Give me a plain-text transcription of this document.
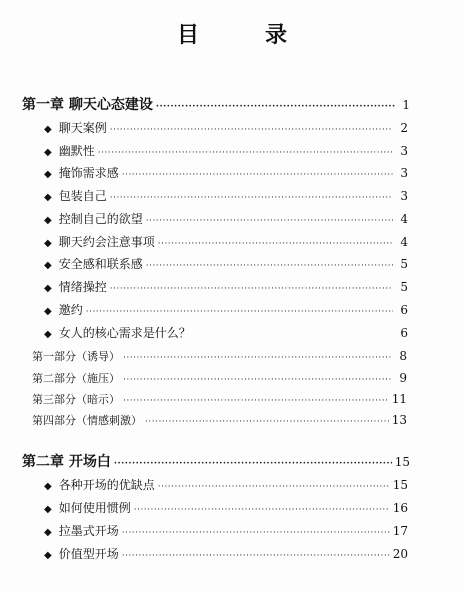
目　录
第一章 聊天心态建设 ·····	1
◆ 聊天案例 ·····	2
◆ 幽默性 ·····	3
◆ 掩饰需求感 ·····	3
◆ 包装自己 ·····	3
◆ 控制自己的欲望 ·····	4
◆ 聊天约会注意事项 ·····	4
◆ 安全感和联系感 ·····	5
◆ 情绪操控 ·····	5
◆ 邀约 ·····	6
◆ 女人的核心需求是什么？	6
第一部分（诱导） ·····	8
第二部分（施压） ·····	9
第三部分（暗示） ·····	11
第四部分（情感刺激） ·····	13
第二章 开场白 ·····	15
◆ 各种开场的优缺点 ·····	15
◆ 如何使用惯例 ·····	16
◆ 拉墨式开场 ·····	17
◆ 价值型开场 ·····	20
